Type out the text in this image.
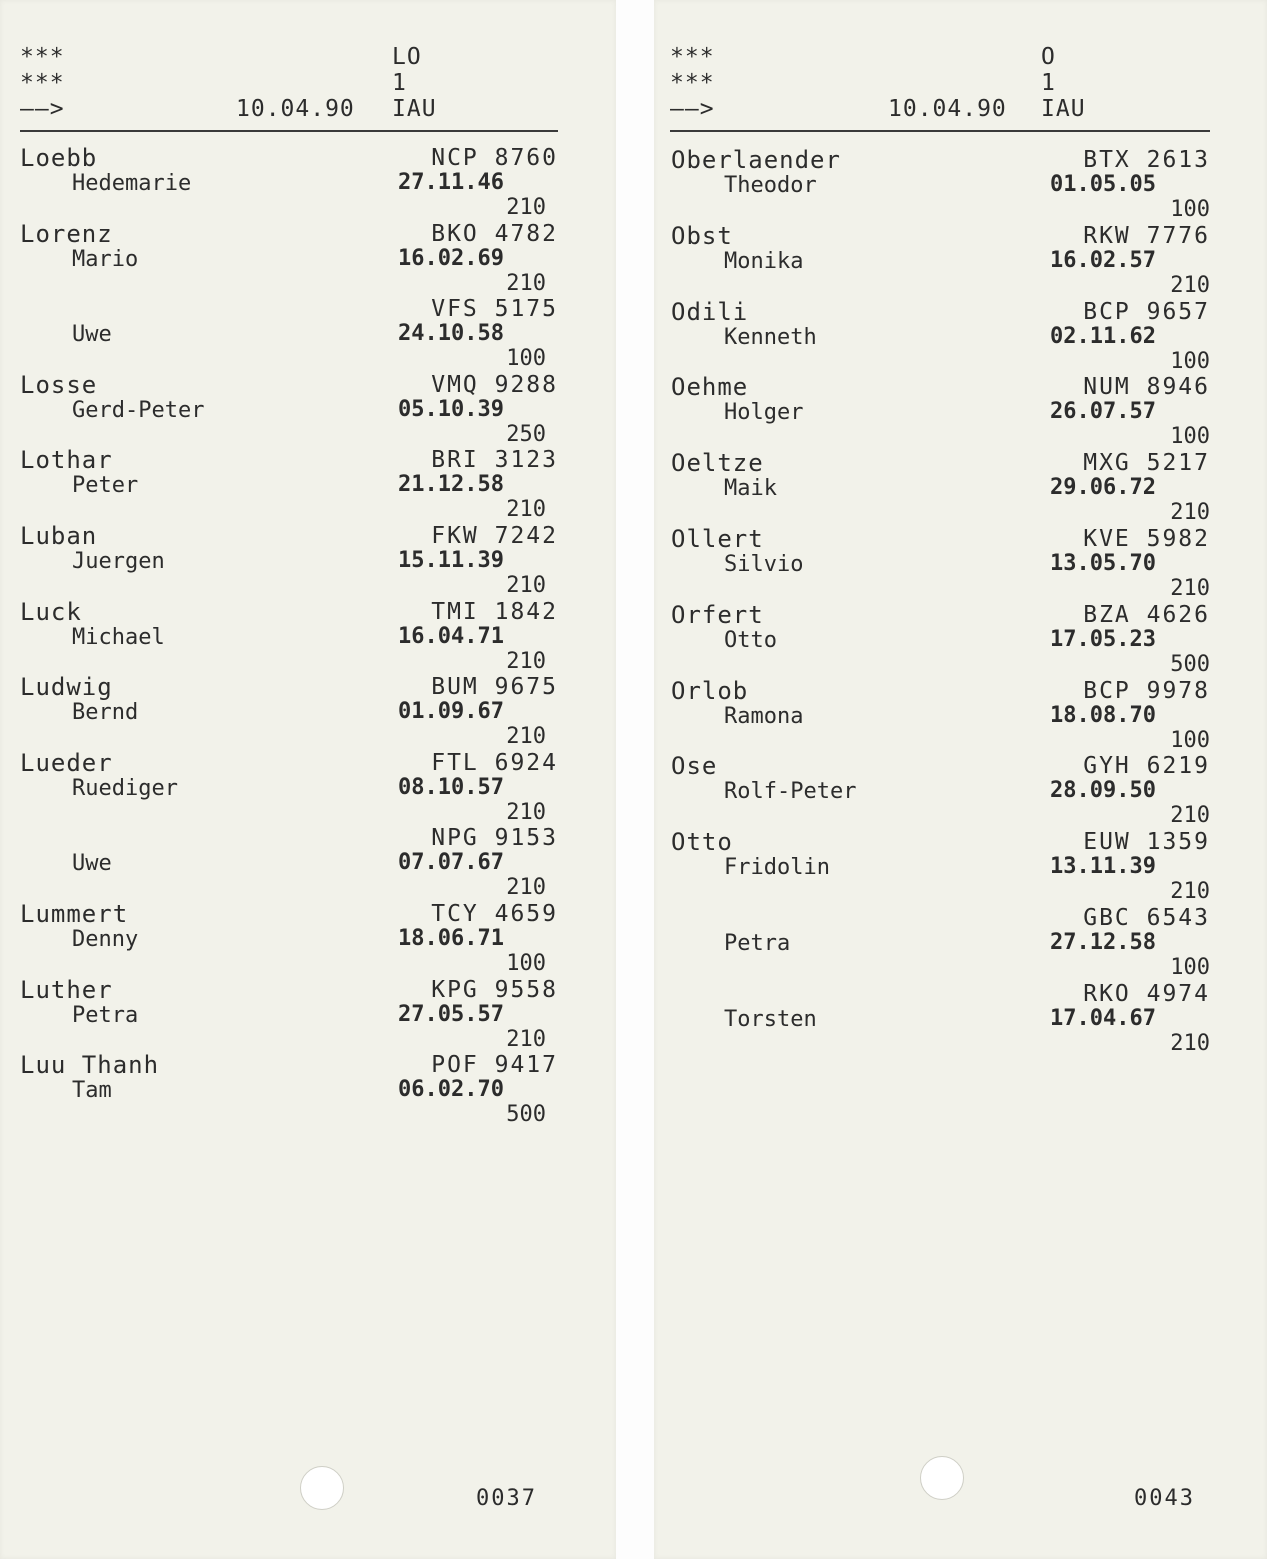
***
***
——>	10.04.90
LO
1
IAU
Loebb
Hedemarie
NCP 8760
27.11.46
210
Lorenz
Mario
BKO 4782
16.02.69
210
Uwe
VFS 5175
24.10.58
100
Losse
Gerd-Peter
VMQ 9288
05.10.39
250
Lothar
Peter
BRI 3123
21.12.58
210
Luban
Juergen
FKW 7242
15.11.39
210
Luck
Michael
TMI 1842
16.04.71
210
Ludwig
Bernd
BUM 9675
01.09.67
210
Lueder
Ruediger
FTL 6924
08.10.57
210
Uwe
NPG 9153
07.07.67
210
Lummert
Denny
TCY 4659
18.06.71
100
Luther
Petra
KPG 9558
27.05.57
210
Luu Thanh
Tam
POF 9417
06.02.70
500
0037
***
***
——>	10.04.90
O
1
IAU
Oberlaender
Theodor
BTX 2613
01.05.05
100
Obst
Monika
RKW 7776
16.02.57
210
Odili
Kenneth
BCP 9657
02.11.62
100
Oehme
Holger
NUM 8946
26.07.57
100
Oeltze
Maik
MXG 5217
29.06.72
210
Ollert
Silvio
KVE 5982
13.05.70
210
Orfert
Otto
BZA 4626
17.05.23
500
Orlob
Ramona
BCP 9978
18.08.70
100
Ose
Rolf-Peter
GYH 6219
28.09.50
210
Otto
Fridolin
EUW 1359
13.11.39
210
Petra
GBC 6543
27.12.58
100
Torsten
RKO 4974
17.04.67
210
0043
